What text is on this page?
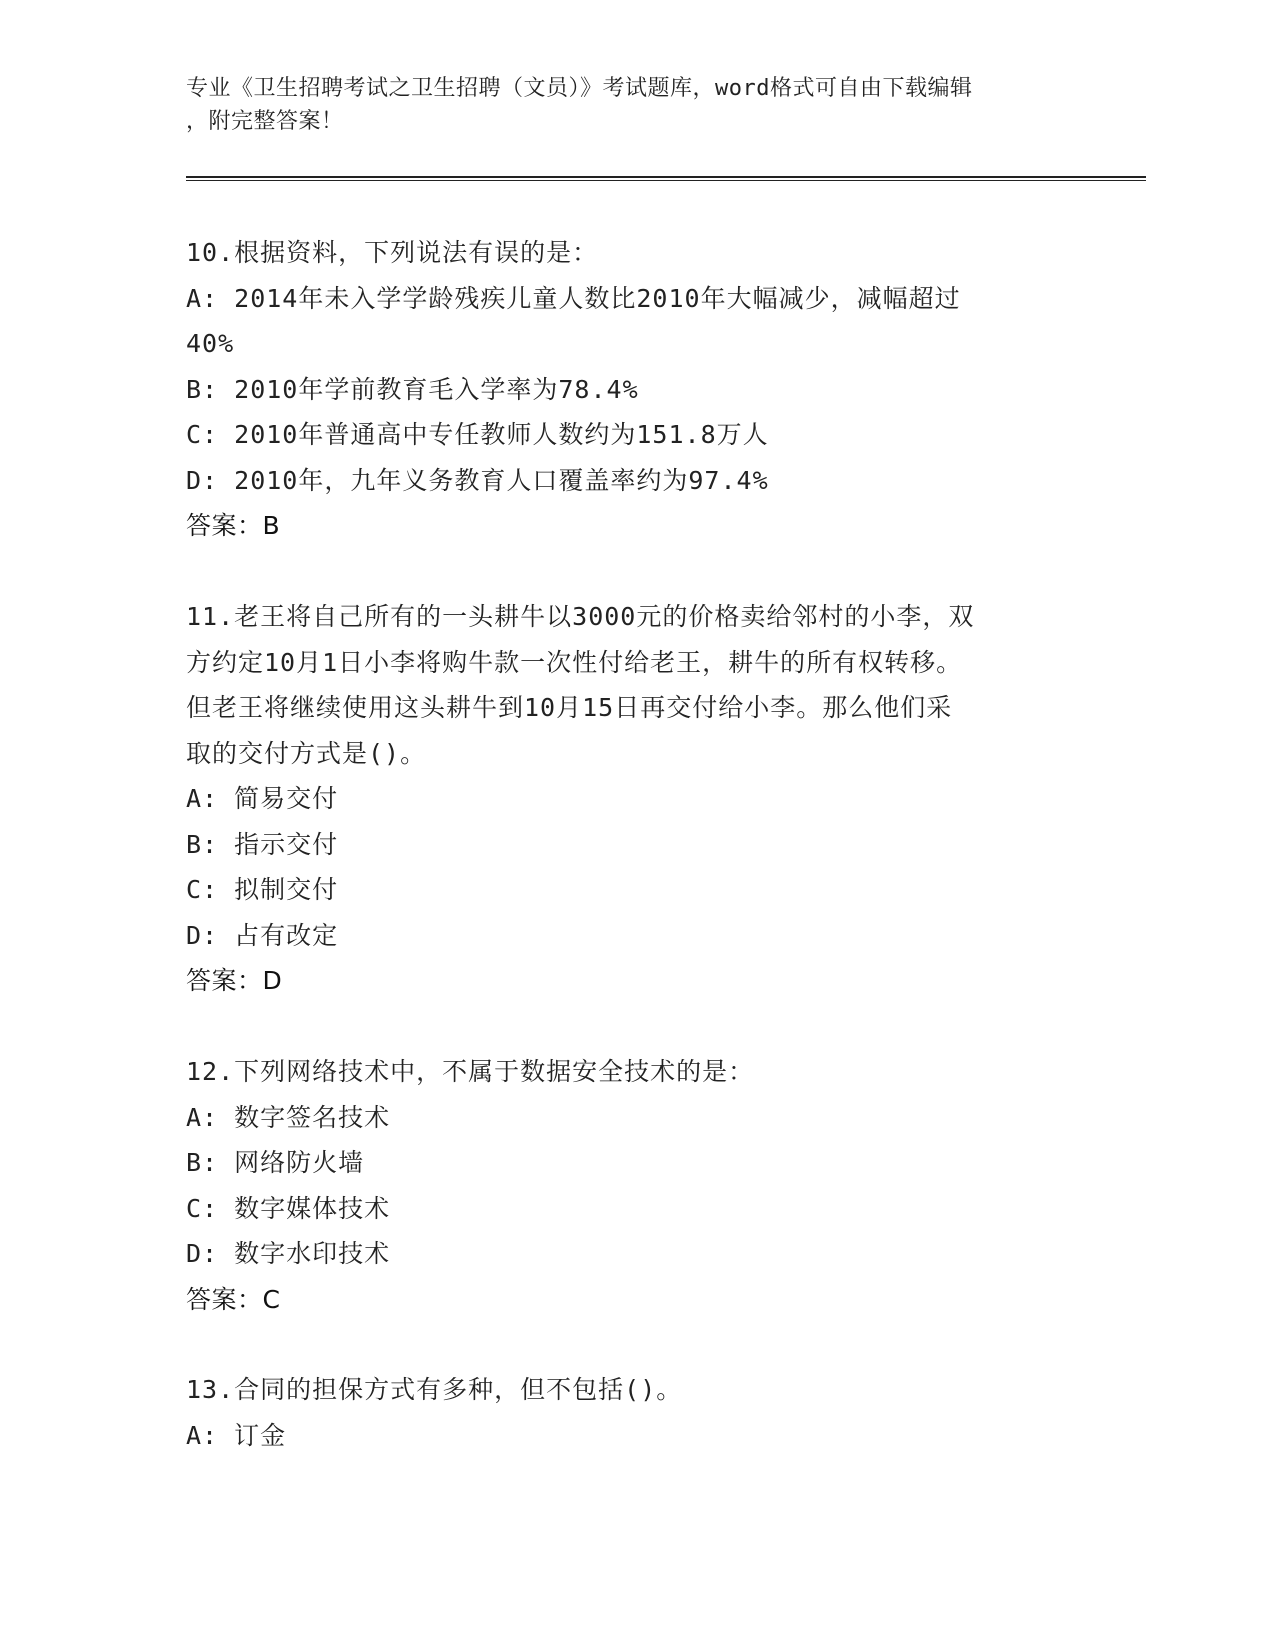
专业《卫生招聘考试之卫生招聘（文员）》考试题库，word格式可自由下载编辑
，附完整答案！
10.根据资料，下列说法有误的是：
A: 2014年未入学学龄残疾儿童人数比2010年大幅减少，减幅超过
40%
B: 2010年学前教育毛入学率为78.4%
C: 2010年普通高中专任教师人数约为151.8万人
D: 2010年，九年义务教育人口覆盖率约为97.4%
答案：B
11.老王将自己所有的一头耕牛以3000元的价格卖给邻村的小李，双
方约定10月1日小李将购牛款一次性付给老王，耕牛的所有权转移。
但老王将继续使用这头耕牛到10月15日再交付给小李。那么他们采
取的交付方式是()。
A: 简易交付
B: 指示交付
C: 拟制交付
D: 占有改定
答案：D
12.下列网络技术中，不属于数据安全技术的是：
A: 数字签名技术
B: 网络防火墙
C: 数字媒体技术
D: 数字水印技术
答案：C
13.合同的担保方式有多种，但不包括()。
A: 订金
